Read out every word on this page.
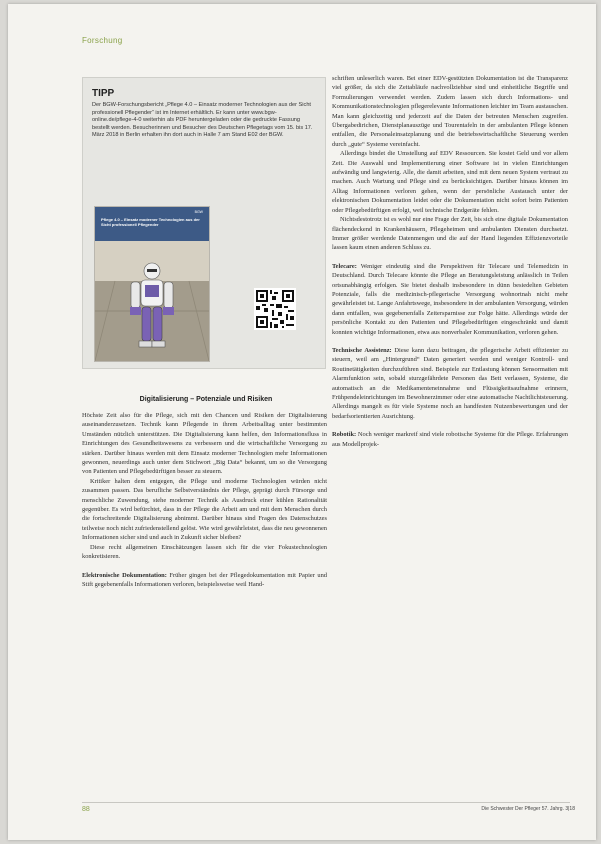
Forschung
TIPP
Der BGW-Forschungsbericht „Pflege 4.0 – Einsatz moderner Technologien aus der Sicht professionell Pflegender“ ist im Internet erhältlich. Er kann unter www.bgw-online.de/pflege-4-0 weiterhin als PDF heruntergeladen oder die gedruckte Fassung bestellt werden. Besucherinnen und Besucher des Deutschen Pflegetags vom 15. bis 17. März 2018 in Berlin erhalten ihn dort auch in Halle 7 am Stand E02 der BGW.
BGW
Pflege 4.0 – Einsatz moderner Technologien aus der Sicht professionell Pflegender
Digitalisierung – Potenziale und Risiken

Höchste Zeit also für die Pflege, sich mit den Chancen und Risiken der Digitalisierung auseinanderzusetzen. Technik kann Pflegende in ihrem Arbeitsalltag unter bestimmten Umständen nützlich unterstützen. Die Digitalisierung kann helfen, den Informationsfluss in Einrichtungen des Gesundheitswesens zu verbessern und die wirtschaftliche Versorgung zu stärken. Darüber hinaus werden mit dem Einsatz moderner Technologien mehr Informationen gewonnen, neuerdings auch unter dem Stichwort „Big Data“ bekannt, um so die Versorgung von Patienten und Pflegebedürftigen besser zu steuern.

Kritiker halten dem entgegen, die Pflege und moderne Technologien würden nicht zusammen passen. Das berufliche Selbstverständnis der Pflege, geprägt durch Fürsorge und menschliche Zuwendung, stehe moderner Technik als Ausdruck einer kühlen Rationalität gegenüber. Es wird befürchtet, dass in der Pflege die Arbeit am und mit dem Menschen durch die fortschreitende Digitalisierung abnimmt. Darüber hinaus sind Fragen des Datenschutzes teilweise noch nicht zufriedenstellend gelöst. Wie wird gewährleistet, dass die neu gewonnenen Informationen sicher sind und auch in Zukunft sicher bleiben?

Diese recht allgemeinen Einschätzungen lassen sich für die vier Fokustechnologien konkretisieren.

Elektronische Dokumentation: Früher gingen bei der Pflegedokumentation mit Papier und Stift gegebenenfalls Informationen verloren, beispielsweise weil Hand-

schriften unleserlich waren. Bei einer EDV-gestützten Dokumentation ist die Transparenz viel größer, da sich die Zeitabläufe nachvollziehbar sind und einheitliche Begriffe und Formulierungen verwendet werden. Zudem lassen sich durch Informations- und Kommunikationstechnologien pflegerelevante Informationen leichter im Team austauschen. Man kann gleichzeitig und jederzeit auf die Daten der betreuten Menschen zugreifen. Übergabedirichen, Dienstplanauszüge und Tourentafeln in der ambulanten Pflege können entfallen, die Personaleinsatzplanung und die betriebswirtschaftliche Steuerung werden durch „gute“ Systeme vereinfacht.

Allerdings bindet die Umstellung auf EDV Ressourcen. Sie kostet Geld und vor allem Zeit. Die Auswahl und Implementierung einer Software ist in vielen Einrichtungen aufwändig und langwierig. Alle, die damit arbeiten, sind mit dem neuen System vertraut zu machen. Auch Wartung und Pflege sind zu berücksichtigen. Darüber hinaus können im Alltag Informationen verloren gehen, wenn der persönliche Austausch unter der elektronischen Dokumentation leidet oder die Dokumentation nicht sofort beim Patienten oder Pflegebedürftigen erfolgt, weil technische Endgeräte fehlen.

Nichtsdestotrotz ist es wohl nur eine Frage der Zeit, bis sich eine digitale Dokumentation flächendeckend in Krankenhäusern, Pflegeheimen und ambulanten Diensten durchsetzt. Immer größer werdende Datenmengen und die auf der Hand liegenden Effizienzvorteile lassen kaum einen anderen Schluss zu.

Telecare: Weniger eindeutig sind die Perspektiven für Telecare und Telemedizin in Deutschland. Durch Telecare könnte die Pflege an Beratungsleistung anlässlich in Teilen ortsunabhängig erfolgen. Sie bietet deshalb insbesondere in dünn besiedelten Gebieten Potenziale, falls die medizinisch-pflegerische Versorgung wohnortnah nicht mehr gewährleistet ist. Lange Anfahrtswege, insbesondere in der ambulanten Versorgung, würden dann entfallen, was gegebenenfalls Zeitersparnisse zur Folge hätte. Allerdings würde der persönliche Kontakt zu den Patienten und Pflegebedürftigen eingeschränkt und damit konnten wichtige Informationen, etwa aus nonverbaler Kommunikation, verloren gehen.

Technische Assistenz: Diese kann dazu beitragen, die pflegerische Arbeit effizienter zu steuern, weil am „Hintergrund“ Daten generiert werden und weniger Kontroll- und Routinetätigkeiten durchzuführen sind. Beispiele zur Entlastung können Sensormatten mit Alarmfunktion sein, sobald sturzgefährdete Personen das Bett verlassen, Systeme, die automatisch an die Medikamenteneinnahme und Flüssigkeitsaufnahme erinnern, Frühpendeleinrichtungen im Bewohnerzimmer oder eine automatische Nachtlichtsteuerung. Allerdings mangelt es für viele Systeme noch an handfesten Nutzenbewertungen und der bedarfsorientierten Ausrichtung.

Robotik: Noch weniger markreif sind viele robotische Systeme für die Pflege. Erfahrungen aus Modellprojek-

88	Die Schwester Der Pfleger 57. Jahrg. 3|18
